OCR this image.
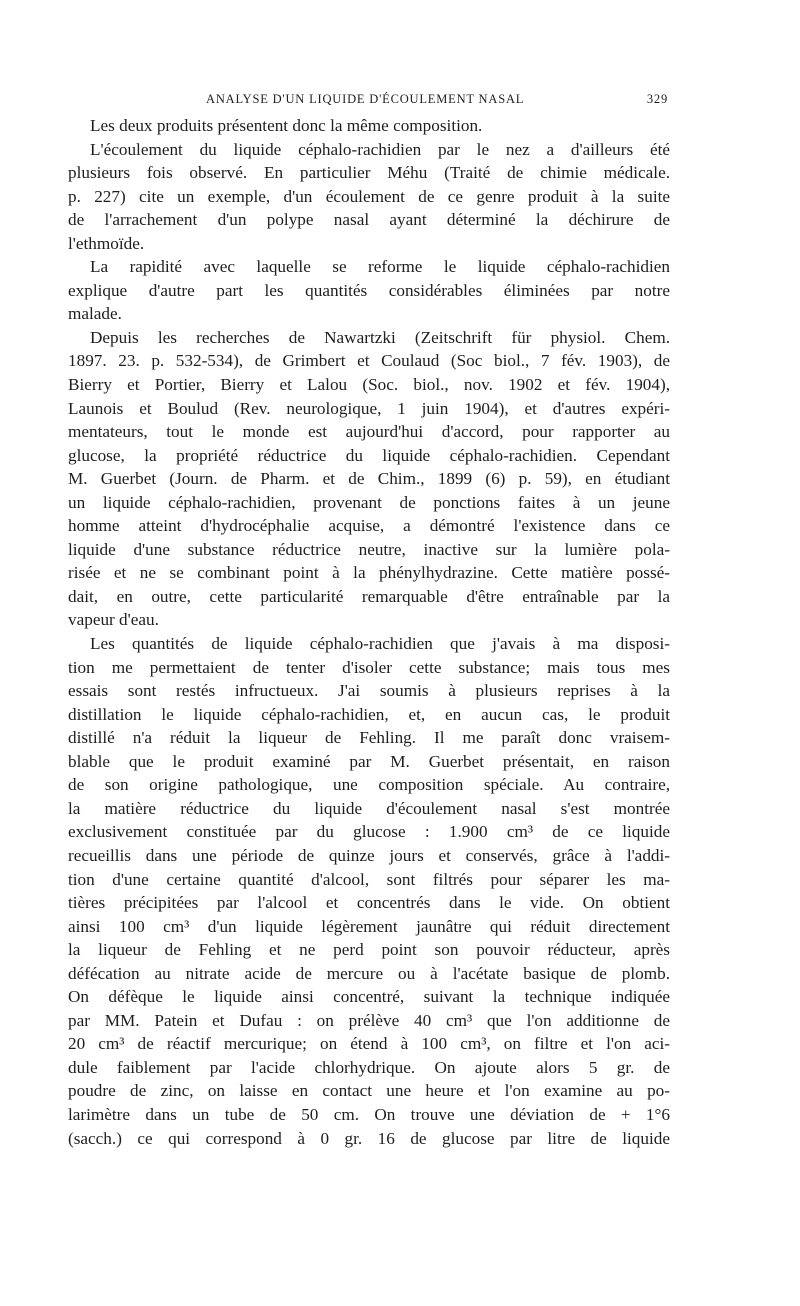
ANALYSE D'UN LIQUIDE D'ÉCOULEMENT NASAL	329

Les deux produits présentent donc la même composition.

L'écoulement du liquide céphalo-rachidien par le nez a d'ailleurs été
plusieurs fois observé. En particulier Méhu (Traité de chimie médicale.
p. 227) cite un exemple, d'un écoulement de ce genre produit à la suite
de l'arrachement d'un polype nasal ayant déterminé la déchirure de
l'ethmoïde.

La rapidité avec laquelle se reforme le liquide céphalo-rachidien
explique d'autre part les quantités considérables éliminées par notre
malade.

Depuis les recherches de Nawartzki (Zeitschrift für physiol. Chem.
1897. 23. p. 532-534), de Grimbert et Coulaud (Soc biol., 7 fév. 1903), de
Bierry et Portier, Bierry et Lalou (Soc. biol., nov. 1902 et fév. 1904),
Launois et Boulud (Rev. neurologique, 1 juin 1904), et d'autres expéri-
mentateurs, tout le monde est aujourd'hui d'accord, pour rapporter au
glucose, la propriété réductrice du liquide céphalo-rachidien. Cependant
M. Guerbet (Journ. de Pharm. et de Chim., 1899 (6) p. 59), en étudiant
un liquide céphalo-rachidien, provenant de ponctions faites à un jeune
homme atteint d'hydrocéphalie acquise, a démontré l'existence dans ce
liquide d'une substance réductrice neutre, inactive sur la lumière pola-
risée et ne se combinant point à la phénylhydrazine. Cette matière possé-
dait, en outre, cette particularité remarquable d'être entraînable par la
vapeur d'eau.

Les quantités de liquide céphalo-rachidien que j'avais à ma disposi-
tion me permettaient de tenter d'isoler cette substance; mais tous mes
essais sont restés infructueux. J'ai soumis à plusieurs reprises à la
distillation le liquide céphalo-rachidien, et, en aucun cas, le produit
distillé n'a réduit la liqueur de Fehling. Il me paraît donc vraisem-
blable que le produit examiné par M. Guerbet présentait, en raison
de son origine pathologique, une composition spéciale. Au contraire,
la matière réductrice du liquide d'écoulement nasal s'est montrée
exclusivement constituée par du glucose : 1.900 cm³ de ce liquide
recueillis dans une période de quinze jours et conservés, grâce à l'addi-
tion d'une certaine quantité d'alcool, sont filtrés pour séparer les ma-
tières précipitées par l'alcool et concentrés dans le vide. On obtient
ainsi 100 cm³ d'un liquide légèrement jaunâtre qui réduit directement
la liqueur de Fehling et ne perd point son pouvoir réducteur, après
défécation au nitrate acide de mercure ou à l'acétate basique de plomb.
On défèque le liquide ainsi concentré, suivant la technique indiquée
par MM. Patein et Dufau : on prélève 40 cm³ que l'on additionne de
20 cm³ de réactif mercurique; on étend à 100 cm³, on filtre et l'on aci-
dule faiblement par l'acide chlorhydrique. On ajoute alors 5 gr. de
poudre de zinc, on laisse en contact une heure et l'on examine au po-
larimètre dans un tube de 50 cm. On trouve une déviation de + 1°6
(sacch.) ce qui correspond à 0 gr. 16 de glucose par litre de liquide
